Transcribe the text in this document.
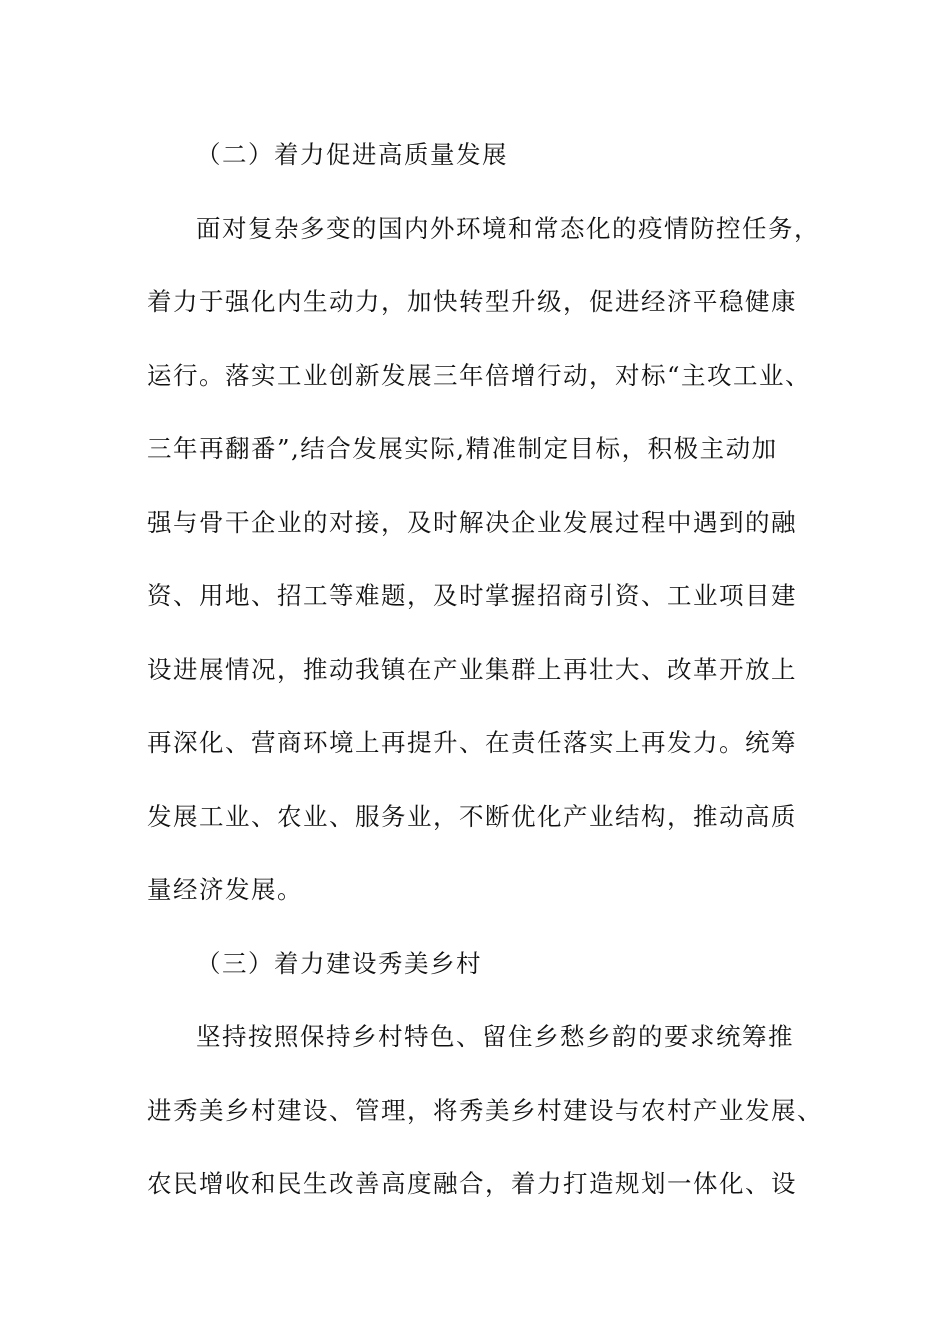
（二）着力促进高质量发展
面对复杂多变的国内外环境和常态化的疫情防控任务，
着力于强化内生动力，加快转型升级，促进经济平稳健康
运行。落实工业创新发展三年倍增行动，对标“主攻工业、
三年再翻番”,结合发展实际,精准制定目标，积极主动加
强与骨干企业的对接，及时解决企业发展过程中遇到的融
资、用地、招工等难题，及时掌握招商引资、工业项目建
设进展情况，推动我镇在产业集群上再壮大、改革开放上
再深化、营商环境上再提升、在责任落实上再发力。统筹
发展工业、农业、服务业，不断优化产业结构，推动高质
量经济发展。
（三）着力建设秀美乡村
坚持按照保持乡村特色、留住乡愁乡韵的要求统筹推
进秀美乡村建设、管理，将秀美乡村建设与农村产业发展、
农民增收和民生改善高度融合，着力打造规划一体化、设
